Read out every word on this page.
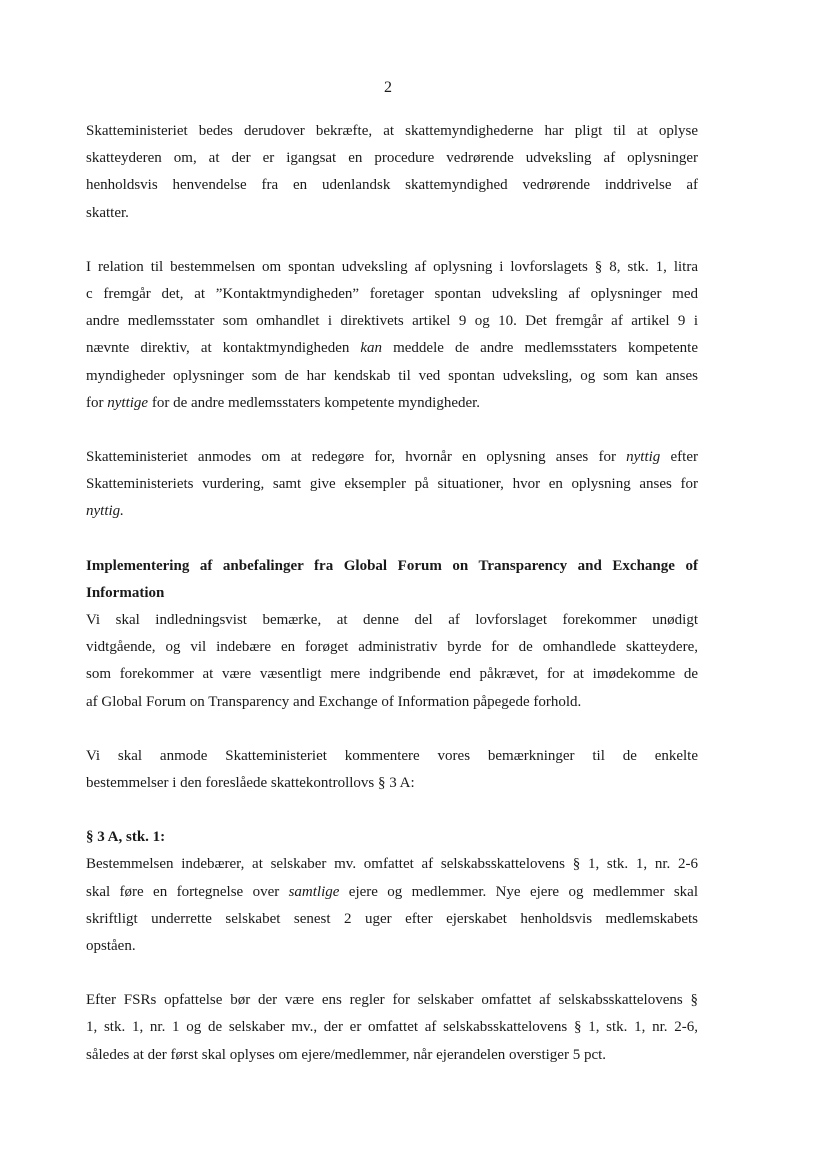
2

Skatteministeriet bedes derudover bekræfte, at skattemyndighederne har pligt til at oplyse
skatteyderen om, at der er igangsat en procedure vedrørende udveksling af oplysninger
henholdsvis henvendelse fra en udenlandsk skattemyndighed vedrørende inddrivelse af
skatter.

I relation til bestemmelsen om spontan udveksling af oplysning i lovforslagets § 8, stk. 1, litra
c fremgår det, at ”Kontaktmyndigheden” foretager spontan udveksling af oplysninger med
andre medlemsstater som omhandlet i direktivets artikel 9 og 10. Det fremgår af artikel 9 i
nævnte direktiv, at kontaktmyndigheden kan meddele de andre medlemsstaters kompetente
myndigheder oplysninger som de har kendskab til ved spontan udveksling, og som kan anses
for nyttige for de andre medlemsstaters kompetente myndigheder.

Skatteministeriet anmodes om at redegøre for, hvornår en oplysning anses for nyttig efter
Skatteministeriets vurdering, samt give eksempler på situationer, hvor en oplysning anses for
nyttig.

Implementering af anbefalinger fra Global Forum on Transparency and Exchange of
Information

Vi skal indledningsvist bemærke, at denne del af lovforslaget forekommer unødigt
vidtgående, og vil indebære en forøget administrativ byrde for de omhandlede skatteydere,
som forekommer at være væsentligt mere indgribende end påkrævet, for at imødekomme de
af Global Forum on Transparency and Exchange of Information påpegede forhold.

Vi skal anmode Skatteministeriet kommentere vores bemærkninger til de enkelte
bestemmelser i den foreslåede skattekontrollovs § 3 A:

§ 3 A, stk. 1:

Bestemmelsen indebærer, at selskaber mv. omfattet af selskabsskattelovens § 1, stk. 1, nr. 2-6
skal føre en fortegnelse over samtlige ejere og medlemmer. Nye ejere og medlemmer skal
skriftligt underrette selskabet senest 2 uger efter ejerskabet henholdsvis medlemskabets
opståen.

Efter FSRs opfattelse bør der være ens regler for selskaber omfattet af selskabsskattelovens §
1, stk. 1, nr. 1 og de selskaber mv., der er omfattet af selskabsskattelovens § 1, stk. 1, nr. 2-6,
således at der først skal oplyses om ejere/medlemmer, når ejerandelen overstiger 5 pct.
